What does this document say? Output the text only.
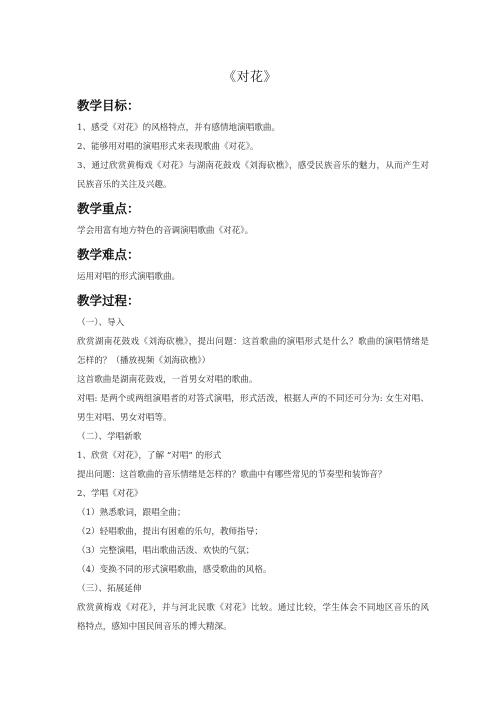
《对花》
教学目标：
1、感受《对花》的风格特点，并有感情地演唱歌曲。
2、能够用对唱的演唱形式来表现歌曲《对花》。
3、通过欣赏黄梅戏《对花》与湖南花鼓戏《刘海砍樵》，感受民族音乐的魅力，从而产生对
民族音乐的关注及兴趣。
教学重点：
学会用富有地方特色的音调演唱歌曲《对花》。
教学难点：
运用对唱的形式演唱歌曲。
教学过程：
（一）、导入
欣赏湖南花鼓戏《刘海砍樵》，提出问题：这首歌曲的演唱形式是什么？歌曲的演唱情绪是
怎样的？（播放视频《刘海砍樵》）
这首歌曲是湖南花鼓戏，一首男女对唱的歌曲。
对唱: 是两个或两组演唱者的对答式演唱，形式活泼，根据人声的不同还可分为: 女生对唱、
男生对唱、男女对唱等。
（二）、学唱新歌
1、欣赏《对花》，了解 “对唱” 的形式
提出问题：这首歌曲的音乐情绪是怎样的？歌曲中有哪些常见的节奏型和装饰音？
2、学唱《对花》
（1）熟悉歌词，跟唱全曲；
（2）轻唱歌曲，提出有困难的乐句，教师指导；
（3）完整演唱，唱出歌曲活泼、欢快的气氛；
（4）变换不同的形式演唱歌曲，感受歌曲的风格。
（三）、拓展延伸
欣赏黄梅戏《对花》，并与河北民歌《对花》比较。通过比较，学生体会不同地区音乐的风
格特点，感知中国民间音乐的博大精深。
